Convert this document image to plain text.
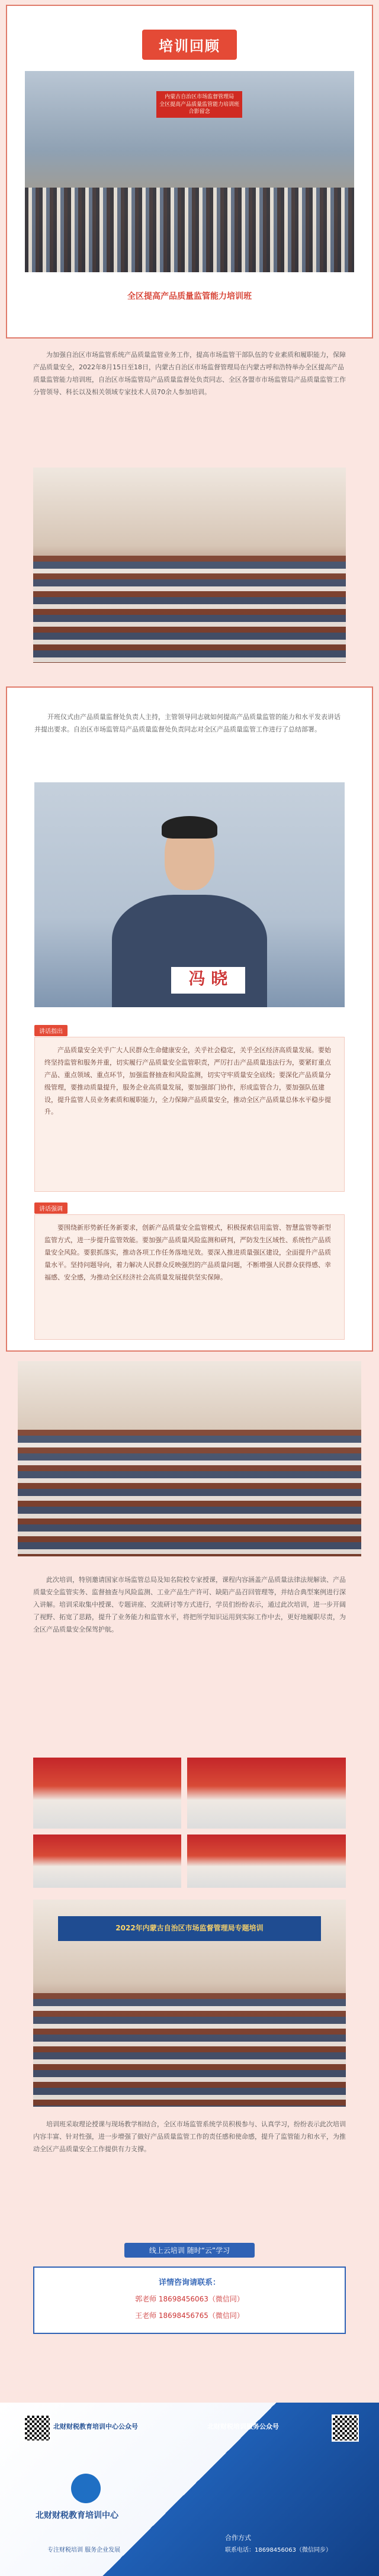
培训回顾
内蒙古自治区市场监督管理局
全区提高产品质量监管能力培训班
合影留念
全区提高产品质量监管能力培训班
为加强自治区市场监管系统产品质量监管业务工作，提高市场监管干部队伍的专业素质和履职能力，保障产品质量安全，2022年8月15日至18日，内蒙古自治区市场监督管理局在内蒙古呼和浩特举办全区提高产品质量监管能力培训班，自治区市场监管局产品质量监督处负责同志、全区各盟市市场监管局产品质量监管工作分管领导、科长以及相关领域专家技术人员70余人参加培训。
开班仪式由产品质量监督处负责人主持，主管领导同志就如何提高产品质量监管的能力和水平发表讲话并提出要求。自治区市场监管局产品质量监督处负责同志对全区产品质量监管工作进行了总结部署。
冯 晓
讲话指出
产品质量安全关乎广大人民群众生命健康安全，关乎社会稳定，关乎全区经济高质量发展。要始终坚持监管和服务并重，切实履行产品质量安全监管职责，严厉打击产品质量违法行为，要紧盯重点产品、重点领域、重点环节，加强监督抽查和风险监测，切实守牢质量安全底线；要深化产品质量分级管理，要推动质量提升，服务企业高质量发展，要加强部门协作，形成监管合力，要加强队伍建设，提升监管人员业务素质和履职能力，全力保障产品质量安全，推动全区产品质量总体水平稳步提升。
讲话强调
要围绕新形势新任务新要求，创新产品质量安全监管模式，积极探索信用监管、智慧监管等新型监管方式，进一步提升监管效能。要加强产品质量风险监测和研判，严防发生区域性、系统性产品质量安全风险。要狠抓落实，推动各项工作任务落地见效。要深入推进质量强区建设，全面提升产品质量水平。坚持问题导向，着力解决人民群众反映强烈的产品质量问题，不断增强人民群众获得感、幸福感、安全感，为推动全区经济社会高质量发展提供坚实保障。
此次培训，特别邀请国家市场监管总局及知名院校专家授课，课程内容涵盖产品质量法律法规解读、产品质量安全监管实务、监督抽查与风险监测、工业产品生产许可、缺陷产品召回管理等，并结合典型案例进行深入讲解。培训采取集中授课、专题讲座、交流研讨等方式进行，学员们纷纷表示，通过此次培训，进一步开阔了视野、拓宽了思路，提升了业务能力和监管水平，将把所学知识运用到实际工作中去，更好地履职尽责，为全区产品质量安全保驾护航。
2022年内蒙古自治区市场监督管理局专题培训
培训班采取理论授课与现场教学相结合，全区市场监管系统学员积极参与、认真学习，纷纷表示此次培训内容丰富、针对性强，进一步增强了做好产品质量监管工作的责任感和使命感，提升了监管能力和水平，为推动全区产品质量安全工作提供有力支撑。
线上云培训 随时“云”学习
详情咨询请联系：
郭老师 18698456063（微信同）
王老师 18698456765（微信同）
北财财税教育培训中心公众号	北财财税培训服务公众号
北财财税教育培训中心
专注财税培训 服务企业发展
合作方式
联系电话：18698456063（微信同步）
